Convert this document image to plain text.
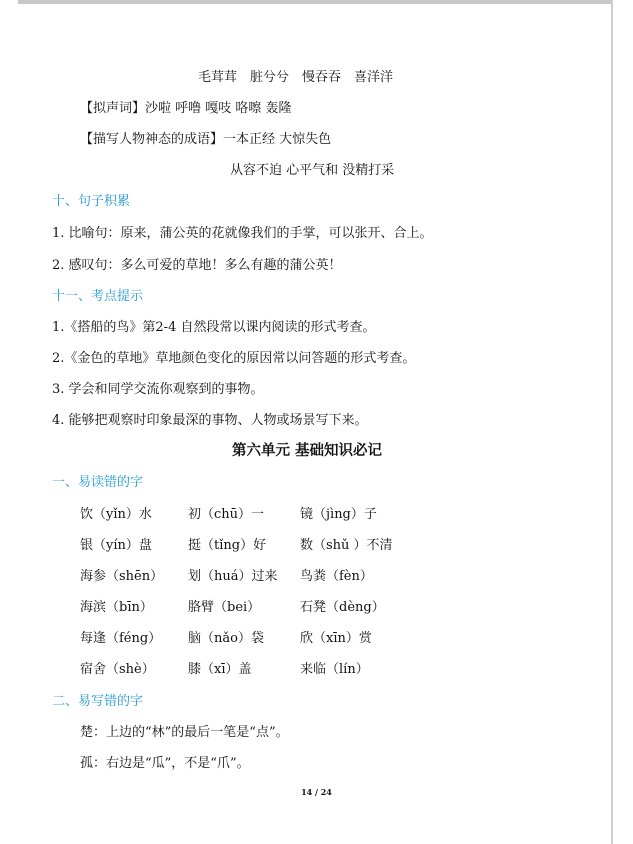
毛茸茸　脏兮兮　慢吞吞　喜洋洋
【拟声词】沙啦 呼噜 嘎吱 咯嚓 轰隆
【描写人物神态的成语】一本正经 大惊失色
从容不迫 心平气和 没精打采
十、句子积累
1. 比喻句：原来，蒲公英的花就像我们的手掌，可以张开、合上。
2. 感叹句：多么可爱的草地！多么有趣的蒲公英！
十一、考点提示
1.《搭船的鸟》第2-4 自然段常以课内阅读的形式考查。
2.《金色的草地》草地颜色变化的原因常以问答题的形式考查。
3. 学会和同学交流你观察到的事物。
4. 能够把观察时印象最深的事物、人物或场景写下来。
第六单元 基础知识必记
一、易读错的字
饮（yǐn）水	初（chū）一	镜（jìng）子
银（yín）盘	挺（tǐng）好	数（shǔ ）不清
海参（shēn） 划（huá）过来 鸟粪（fèn）
海滨（bīn）	胳臂（bei）	石凳（dèng）
每逢（féng） 脑（nǎo）袋	欣（xīn）赏
宿舍（shè）	膝（xī）盖	来临（lín）
二、易写错的字
楚：上边的“林”的最后一笔是“点”。
孤：右边是“瓜”，不是“爪”。
14 / 24
